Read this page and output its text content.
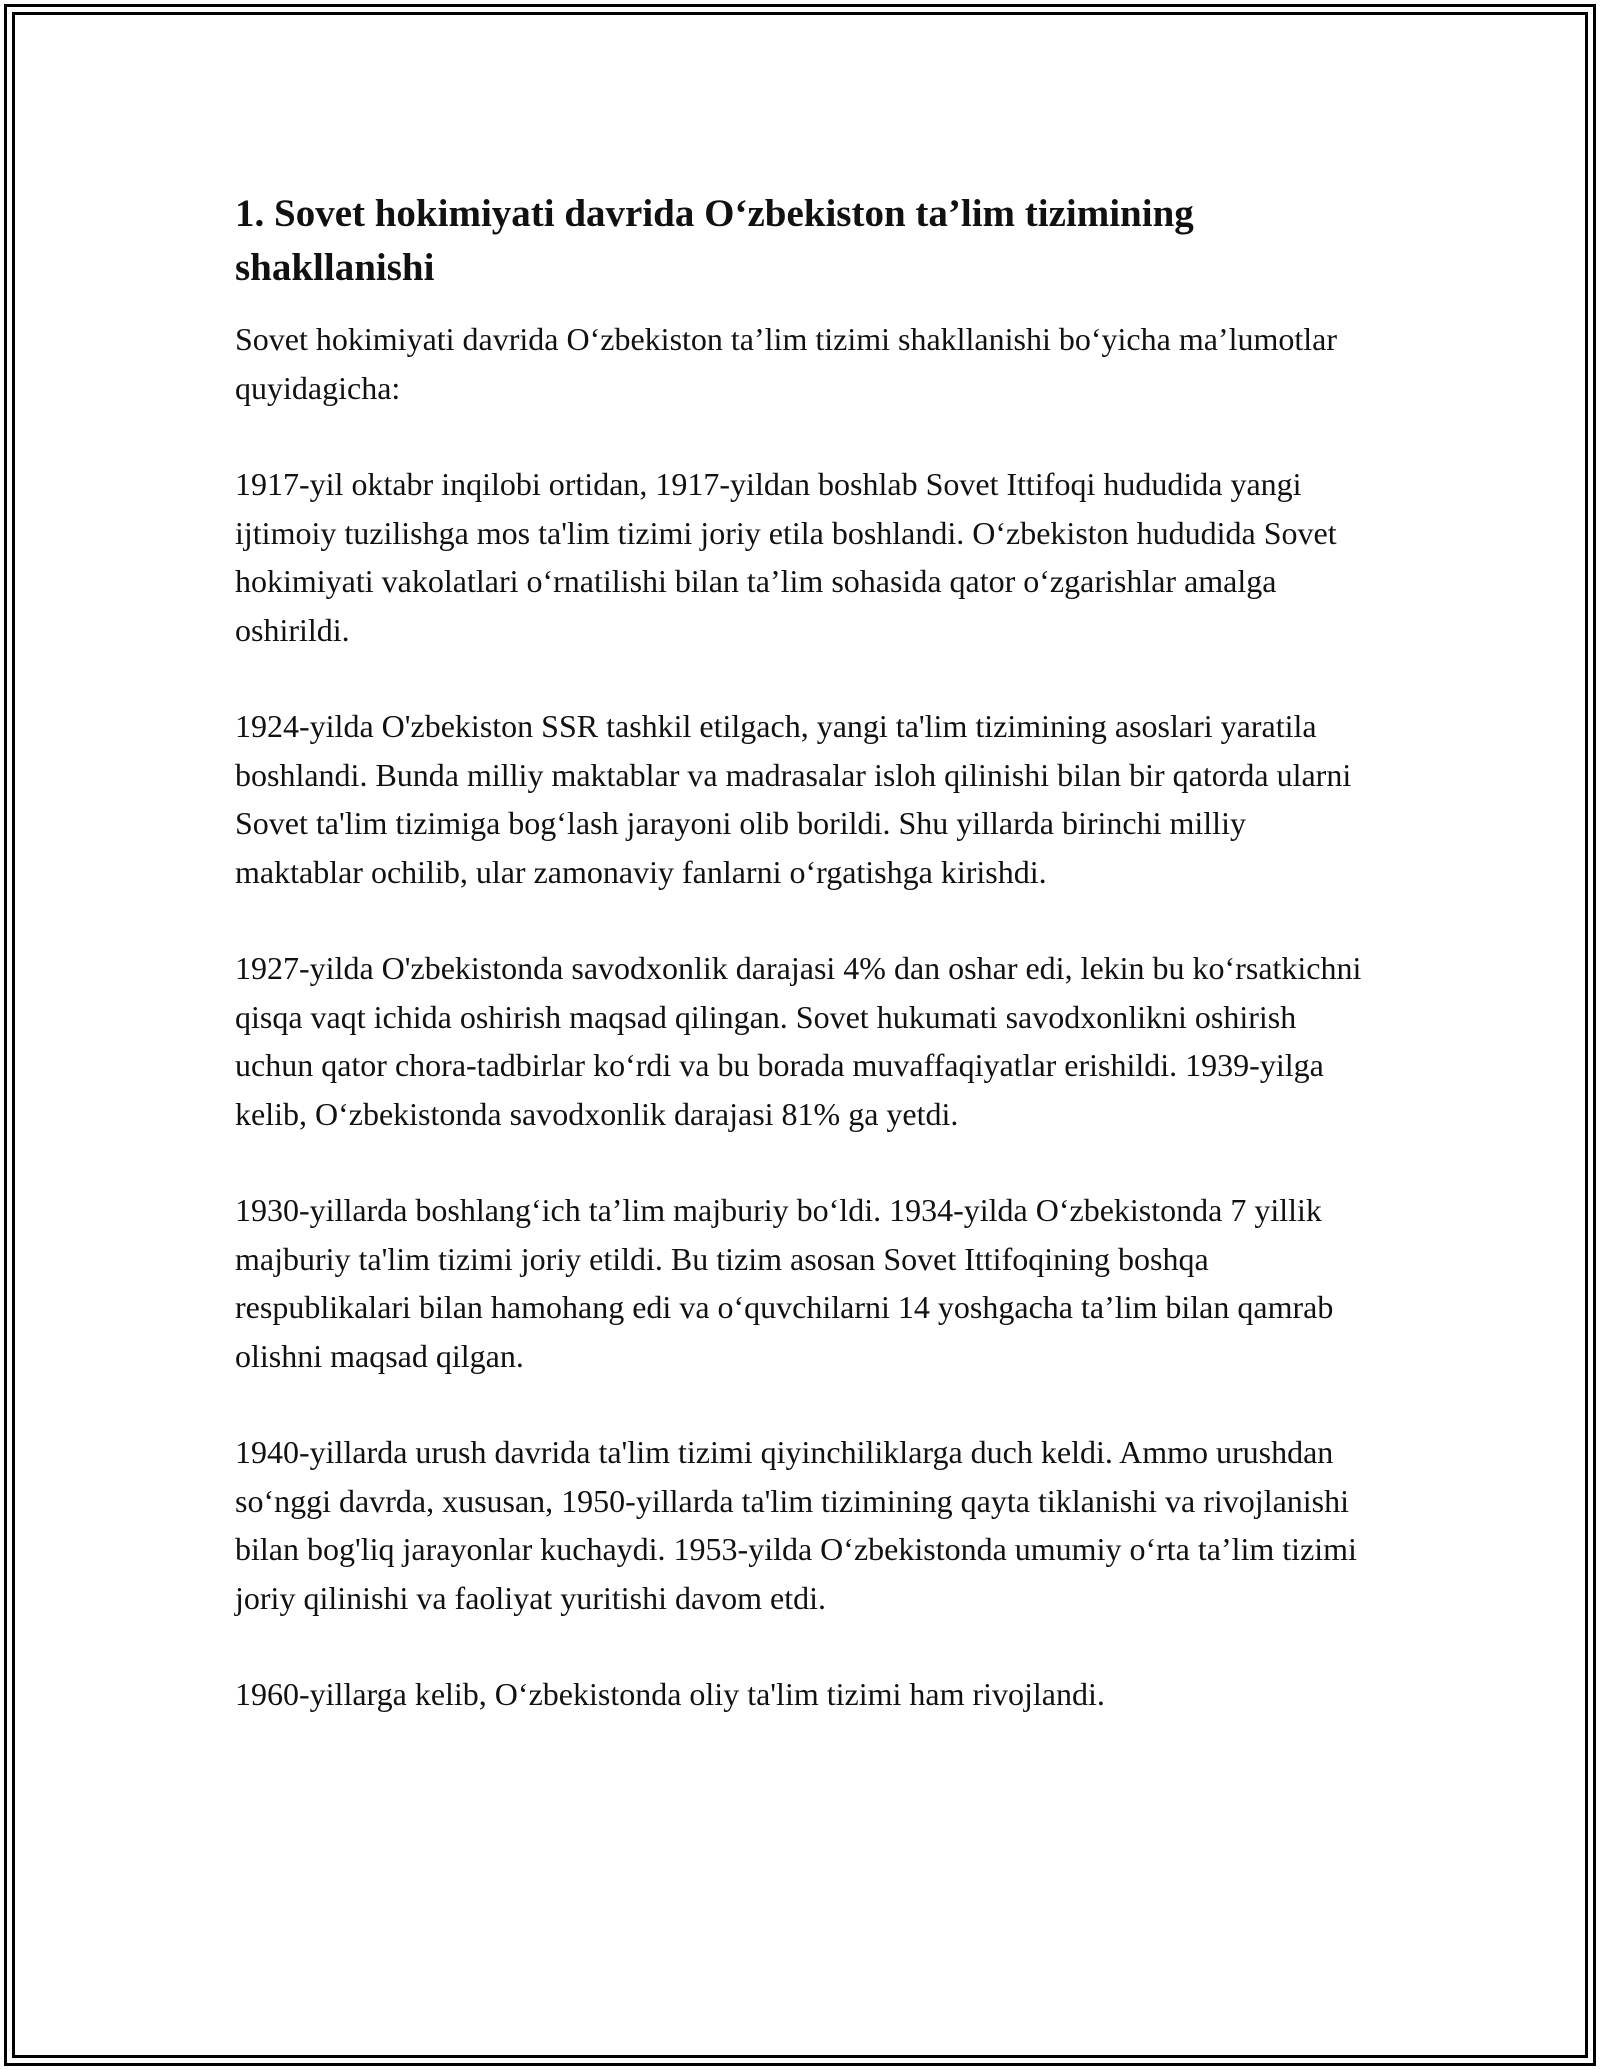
1. Sovet hokimiyati davrida O‘zbekiston ta’lim tizimining shakllanishi

Sovet hokimiyati davrida O‘zbekiston ta’lim tizimi shakllanishi bo‘yicha ma’lumotlar quyidagicha:

1917-yil oktabr inqilobi ortidan, 1917-yildan boshlab Sovet Ittifoqi hududida yangi ijtimoiy tuzilishga mos ta'lim tizimi joriy etila boshlandi. O‘zbekiston hududida Sovet hokimiyati vakolatlari o‘rnatilishi bilan ta’lim sohasida qator o‘zgarishlar amalga oshirildi.

1924-yilda O'zbekiston SSR tashkil etilgach, yangi ta'lim tizimining asoslari yaratila boshlandi. Bunda milliy maktablar va madrasalar isloh qilinishi bilan bir qatorda ularni Sovet ta'lim tizimiga bog‘lash jarayoni olib borildi. Shu yillarda birinchi milliy maktablar ochilib, ular zamonaviy fanlarni o‘rgatishga kirishdi.

1927-yilda O'zbekistonda savodxonlik darajasi 4% dan oshar edi, lekin bu ko‘rsatkichni qisqa vaqt ichida oshirish maqsad qilingan. Sovet hukumati savodxonlikni oshirish uchun qator chora-tadbirlar ko‘rdi va bu borada muvaffaqiyatlar erishildi. 1939-yilga kelib, O‘zbekistonda savodxonlik darajasi 81% ga yetdi.

1930-yillarda boshlang‘ich ta’lim majburiy bo‘ldi. 1934-yilda O‘zbekistonda 7 yillik majburiy ta'lim tizimi joriy etildi. Bu tizim asosan Sovet Ittifoqining boshqa respublikalari bilan hamohang edi va o‘quvchilarni 14 yoshgacha ta’lim bilan qamrab olishni maqsad qilgan.

1940-yillarda urush davrida ta'lim tizimi qiyinchiliklarga duch keldi. Ammo urushdan so‘nggi davrda, xususan, 1950-yillarda ta'lim tizimining qayta tiklanishi va rivojlanishi bilan bog'liq jarayonlar kuchaydi. 1953-yilda O‘zbekistonda umumiy o‘rta ta’lim tizimi joriy qilinishi va faoliyat yuritishi davom etdi.

1960-yillarga kelib, O‘zbekistonda oliy ta'lim tizimi ham rivojlandi.
